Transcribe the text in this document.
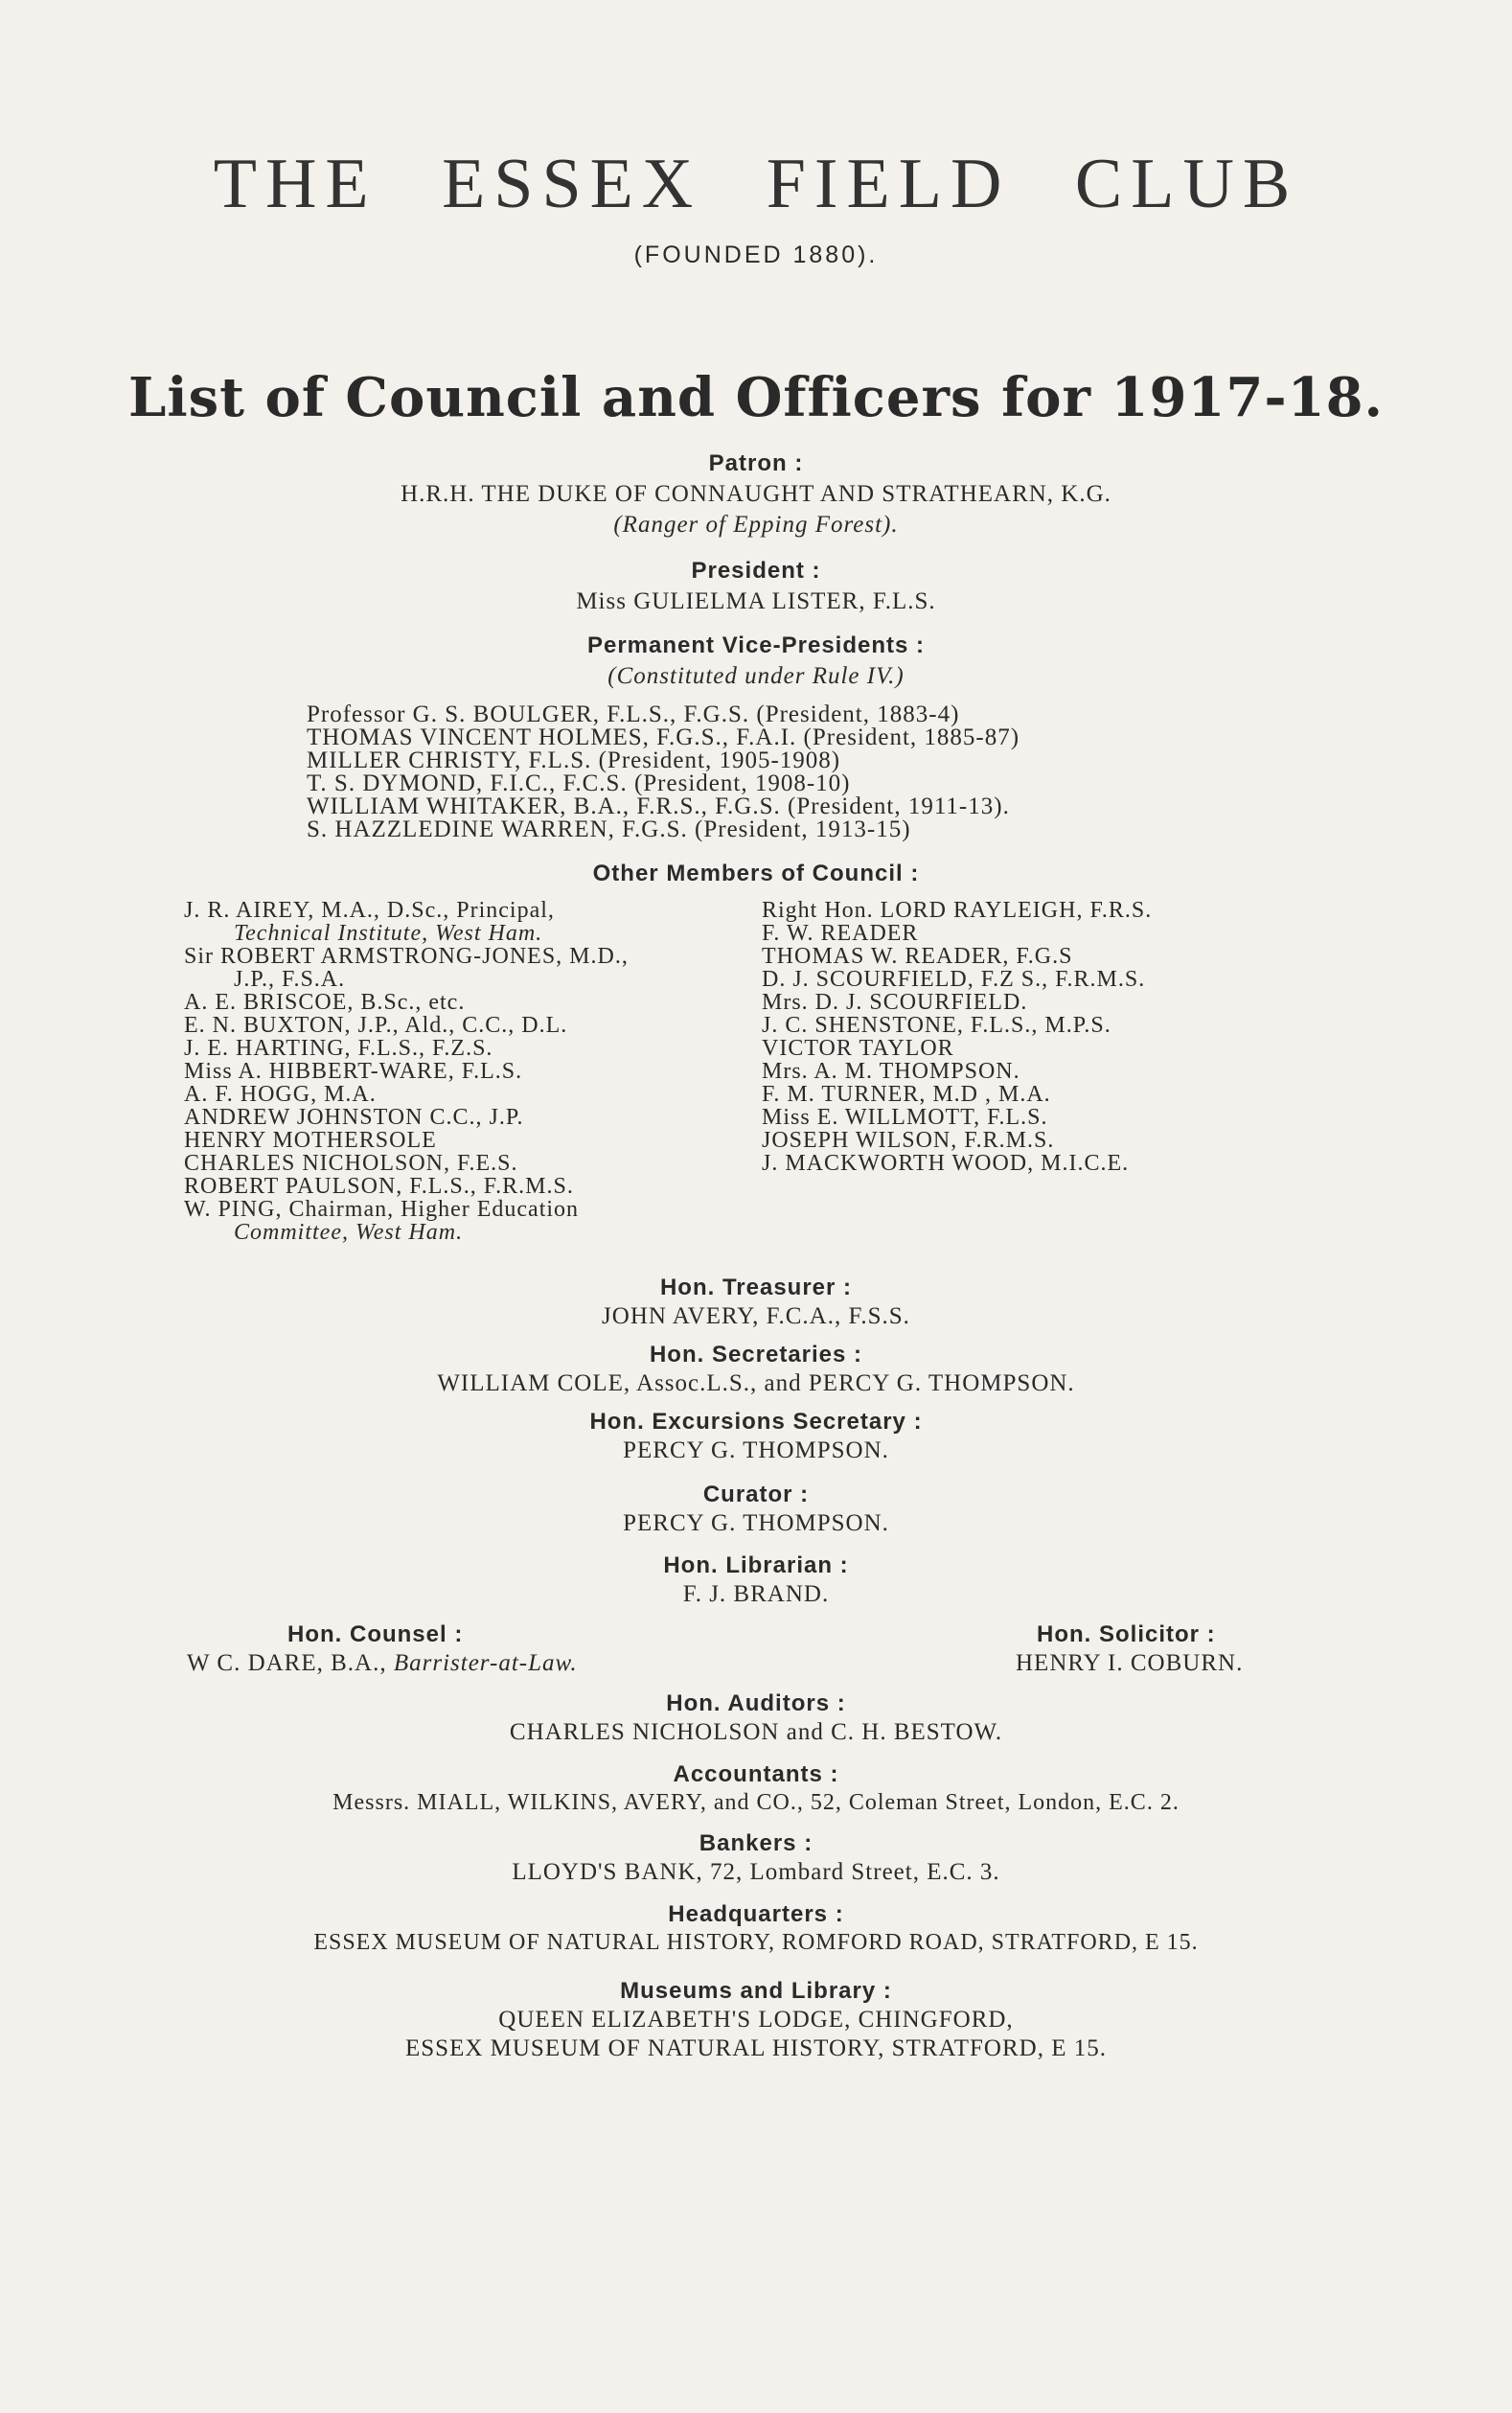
THE ESSEX FIELD CLUB
(FOUNDED 1880).
List of Council and Officers for 1917-18.
Patron :
H.R.H. THE DUKE OF CONNAUGHT AND STRATHEARN, K.G.
(Ranger of Epping Forest).
President :
Miss GULIELMA LISTER, F.L.S.
Permanent Vice-Presidents :
(Constituted under Rule IV.)
Professor G. S. BOULGER, F.L.S., F.G.S. (President, 1883-4)
THOMAS VINCENT HOLMES, F.G.S., F.A.I. (President, 1885-87)
MILLER CHRISTY, F.L.S. (President, 1905-1908)
T. S. DYMOND, F.I.C., F.C.S. (President, 1908-10)
WILLIAM WHITAKER, B.A., F.R.S., F.G.S. (President, 1911-13).
S. HAZZLEDINE WARREN, F.G.S. (President, 1913-15)
Other Members of Council :
J. R. AIREY, M.A., D.Sc., Principal,
Technical Institute, West Ham.
Sir ROBERT ARMSTRONG-JONES, M.D.,
J.P., F.S.A.
A. E. BRISCOE, B.Sc., etc.
E. N. BUXTON, J.P., Ald., C.C., D.L.
J. E. HARTING, F.L.S., F.Z.S.
Miss A. HIBBERT-WARE, F.L.S.
A. F. HOGG, M.A.
ANDREW JOHNSTON C.C., J.P.
HENRY MOTHERSOLE
CHARLES NICHOLSON, F.E.S.
ROBERT PAULSON, F.L.S., F.R.M.S.
W. PING, Chairman, Higher Education
Committee, West Ham.
Right Hon. LORD RAYLEIGH, F.R.S.
F. W. READER
THOMAS W. READER, F.G.S
D. J. SCOURFIELD, F.Z S., F.R.M.S.
Mrs. D. J. SCOURFIELD.
J. C. SHENSTONE, F.L.S., M.P.S.
VICTOR TAYLOR
Mrs. A. M. THOMPSON.
F. M. TURNER, M.D , M.A.
Miss E. WILLMOTT, F.L.S.
JOSEPH WILSON, F.R.M.S.
J. MACKWORTH WOOD, M.I.C.E.
Hon. Treasurer :
JOHN AVERY, F.C.A., F.S.S.
Hon. Secretaries :
WILLIAM COLE, Assoc.L.S., and PERCY G. THOMPSON.
Hon. Excursions Secretary :
PERCY G. THOMPSON.
Curator :
PERCY G. THOMPSON.
Hon. Librarian :
F. J. BRAND.
Hon. Counsel :
W C. DARE, B.A., Barrister-at-Law.
Hon. Solicitor :
HENRY I. COBURN.
Hon. Auditors :
CHARLES NICHOLSON and C. H. BESTOW.
Accountants :
Messrs. MIALL, WILKINS, AVERY, and CO., 52, Coleman Street, London, E.C. 2.
Bankers :
LLOYD'S BANK, 72, Lombard Street, E.C. 3.
Headquarters :
ESSEX MUSEUM OF NATURAL HISTORY, ROMFORD ROAD, STRATFORD, E 15.
Museums and Library :
QUEEN ELIZABETH'S LODGE, CHINGFORD,
ESSEX MUSEUM OF NATURAL HISTORY, STRATFORD, E 15.
